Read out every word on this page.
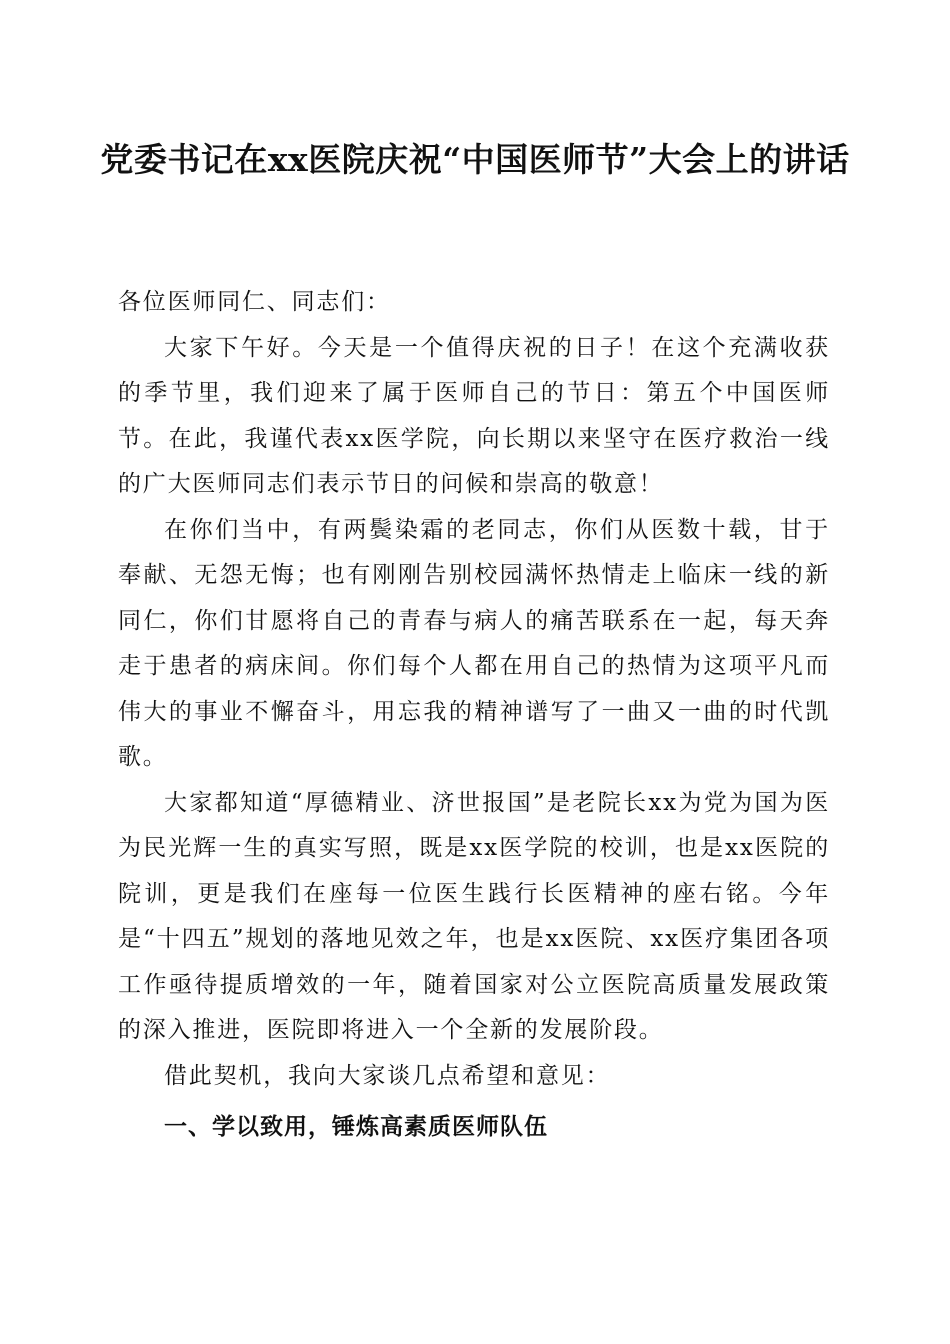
党委书记在xx医院庆祝“中国医师节”大会上的讲话

各位医师同仁、同志们：

大家下午好。今天是一个值得庆祝的日子！在这个充满收获的季节里，我们迎来了属于医师自己的节日：第五个中国医师节。在此，我谨代表xx医学院，向长期以来坚守在医疗救治一线的广大医师同志们表示节日的问候和崇高的敬意！

在你们当中，有两鬓染霜的老同志，你们从医数十载，甘于奉献、无怨无悔；也有刚刚告别校园满怀热情走上临床一线的新同仁，你们甘愿将自己的青春与病人的痛苦联系在一起，每天奔走于患者的病床间。你们每个人都在用自己的热情为这项平凡而伟大的事业不懈奋斗，用忘我的精神谱写了一曲又一曲的时代凯歌。

大家都知道“厚德精业、济世报国”是老院长xx为党为国为医为民光辉一生的真实写照，既是xx医学院的校训，也是xx医院的院训，更是我们在座每一位医生践行长医精神的座右铭。今年是“十四五”规划的落地见效之年，也是xx医院、xx医疗集团各项工作亟待提质增效的一年，随着国家对公立医院高质量发展政策的深入推进，医院即将进入一个全新的发展阶段。

借此契机，我向大家谈几点希望和意见：

一、学以致用，锤炼高素质医师队伍
